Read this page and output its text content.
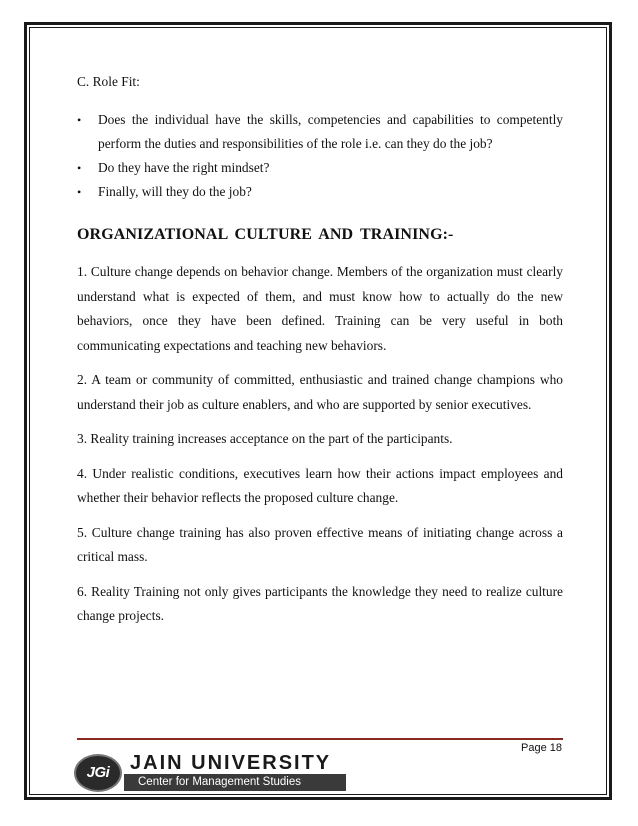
C. Role Fit:

• Does the individual have the skills, competencies and capabilities to competently perform the duties and responsibilities of the role i.e. can they do the job?
• Do they have the right mindset?
• Finally, will they do the job?
ORGANIZATIONAL CULTURE AND TRAINING:-

1. Culture change depends on behavior change. Members of the organization must clearly understand what is expected of them, and must know how to actually do the new behaviors, once they have been defined. Training can be very useful in both communicating expectations and teaching new behaviors.

2. A team or community of committed, enthusiastic and trained change champions who understand their job as culture enablers, and who are supported by senior executives.

3. Reality training increases acceptance on the part of the participants.

4. Under realistic conditions, executives learn how their actions impact employees and whether their behavior reflects the proposed culture change.

5. Culture change training has also proven effective means of initiating change across a critical mass.

6. Reality Training not only gives participants the knowledge they need to realize culture change projects.

Page 18
JGi	JAIN UNIVERSITY
Center for Management Studies
